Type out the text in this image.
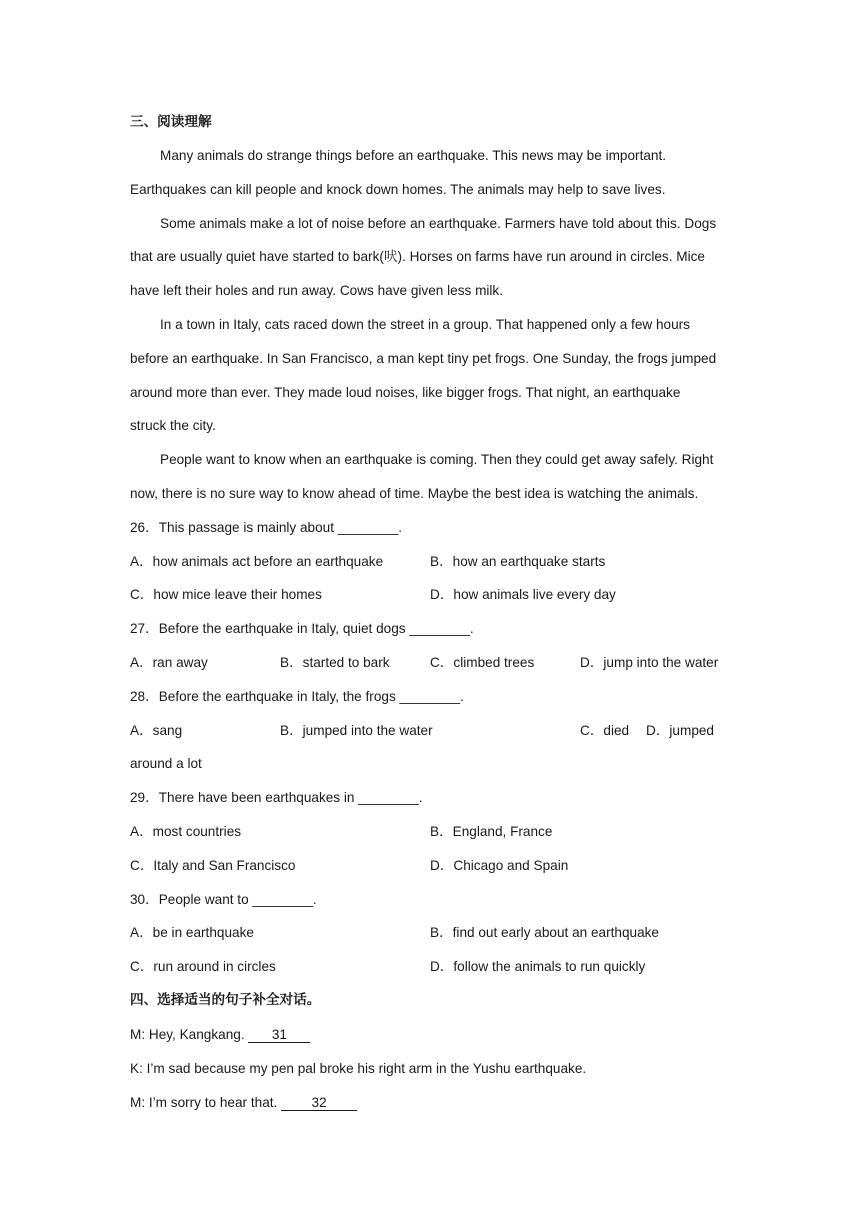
三、阅读理解
Many animals do strange things before an earthquake. This news may be important.
Earthquakes can kill people and knock down homes. The animals may help to save lives.
Some animals make a lot of noise before an earthquake. Farmers have told about this. Dogs
that are usually quiet have started to bark(吠). Horses on farms have run around in circles. Mice
have left their holes and run away. Cows have given less milk.
In a town in Italy, cats raced down the street in a group. That happened only a few hours
before an earthquake. In San Francisco, a man kept tiny pet frogs. One Sunday, the frogs jumped
around more than ever. They made loud noises, like bigger frogs. That night, an earthquake
struck the city.
People want to know when an earthquake is coming. Then they could get away safely. Right
now, there is no sure way to know ahead of time. Maybe the best idea is watching the animals.
26．This passage is mainly about ________.
A．how animals act before an earthquake	B．how an earthquake starts
C．how mice leave their homes	D．how animals live every day
27．Before the earthquake in Italy, quiet dogs ________.
A．ran away	B．started to bark	C．climbed trees	D．jump into the water
28．Before the earthquake in Italy, the frogs ________.
A．sang	B．jumped into the water	C．died D．jumped
around a lot
29．There have been earthquakes in ________.
A．most countries	B．England, France
C．Italy and San Francisco	D．Chicago and Spain
30．People want to ________.
A．be in earthquake	B．find out early about an earthquake
C．run around in circles	D．follow the animals to run quickly
四、选择适当的句子补全对话。
M: Hey, Kangkang. 31
K: I’m sad because my pen pal broke his right arm in the Yushu earthquake.
M: I’m sorry to hear that. 32
